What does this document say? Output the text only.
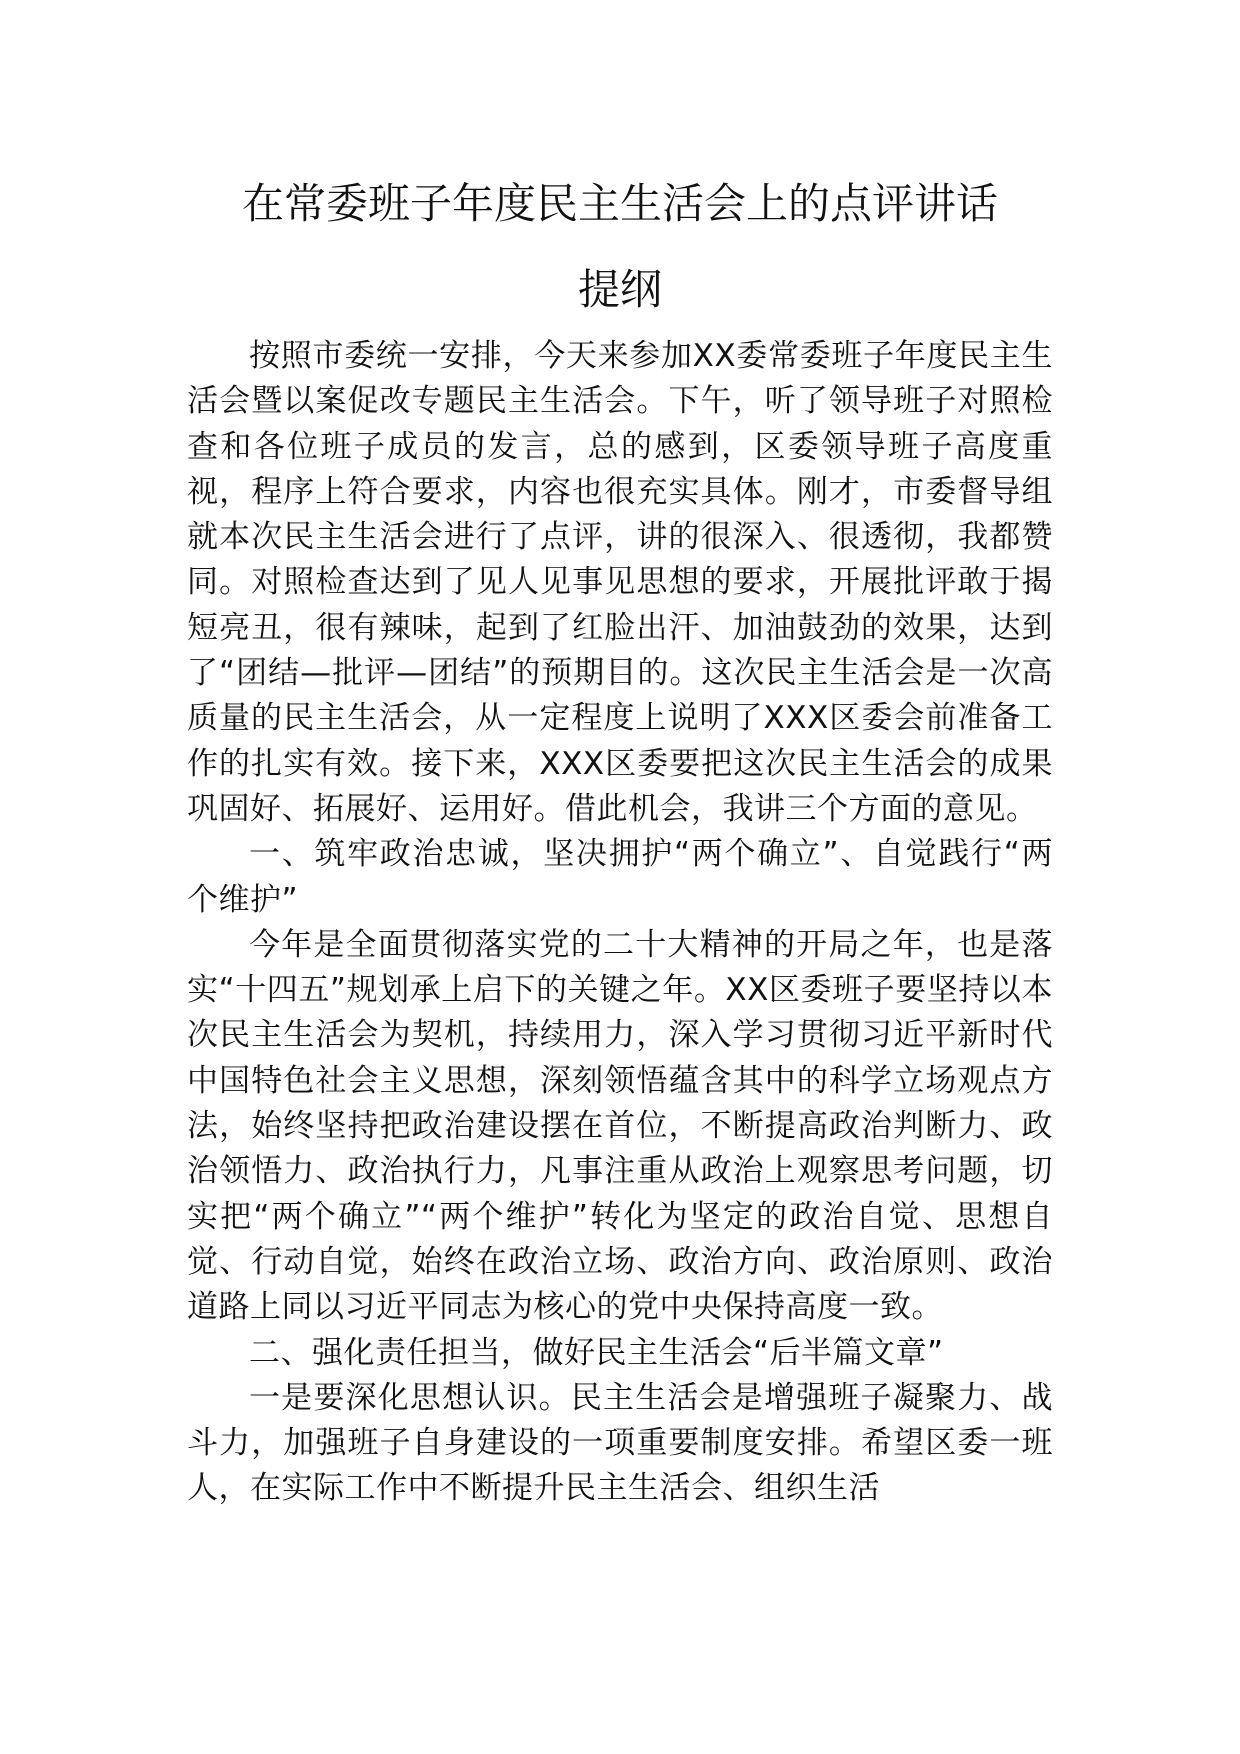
在常委班子年度民主生活会上的点评讲话
提纲

按照市委统一安排，今天来参加XX委常委班子年度民主生活会暨以案促改专题民主生活会。下午，听了领导班子对照检查和各位班子成员的发言，总的感到，区委领导班子高度重视，程序上符合要求，内容也很充实具体。刚才，市委督导组就本次民主生活会进行了点评，讲的很深入、很透彻，我都赞同。对照检查达到了见人见事见思想的要求，开展批评敢于揭短亮丑，很有辣味，起到了红脸出汗、加油鼓劲的效果，达到了“团结—批评—团结”的预期目的。这次民主生活会是一次高质量的民主生活会，从一定程度上说明了XXX区委会前准备工作的扎实有效。接下来，XXX区委要把这次民主生活会的成果巩固好、拓展好、运用好。借此机会，我讲三个方面的意见。

一、筑牢政治忠诚，坚决拥护“两个确立”、自觉践行“两个维护”

今年是全面贯彻落实党的二十大精神的开局之年，也是落实“十四五”规划承上启下的关键之年。XX区委班子要坚持以本次民主生活会为契机，持续用力，深入学习贯彻习近平新时代中国特色社会主义思想，深刻领悟蕴含其中的科学立场观点方法，始终坚持把政治建设摆在首位，不断提高政治判断力、政治领悟力、政治执行力，凡事注重从政治上观察思考问题，切实把“两个确立”“两个维护”转化为坚定的政治自觉、思想自觉、行动自觉，始终在政治立场、政治方向、政治原则、政治道路上同以习近平同志为核心的党中央保持高度一致。

二、强化责任担当，做好民主生活会“后半篇文章”

一是要深化思想认识。民主生活会是增强班子凝聚力、战斗力，加强班子自身建设的一项重要制度安排。希望区委一班人，在实际工作中不断提升民主生活会、组织生活
